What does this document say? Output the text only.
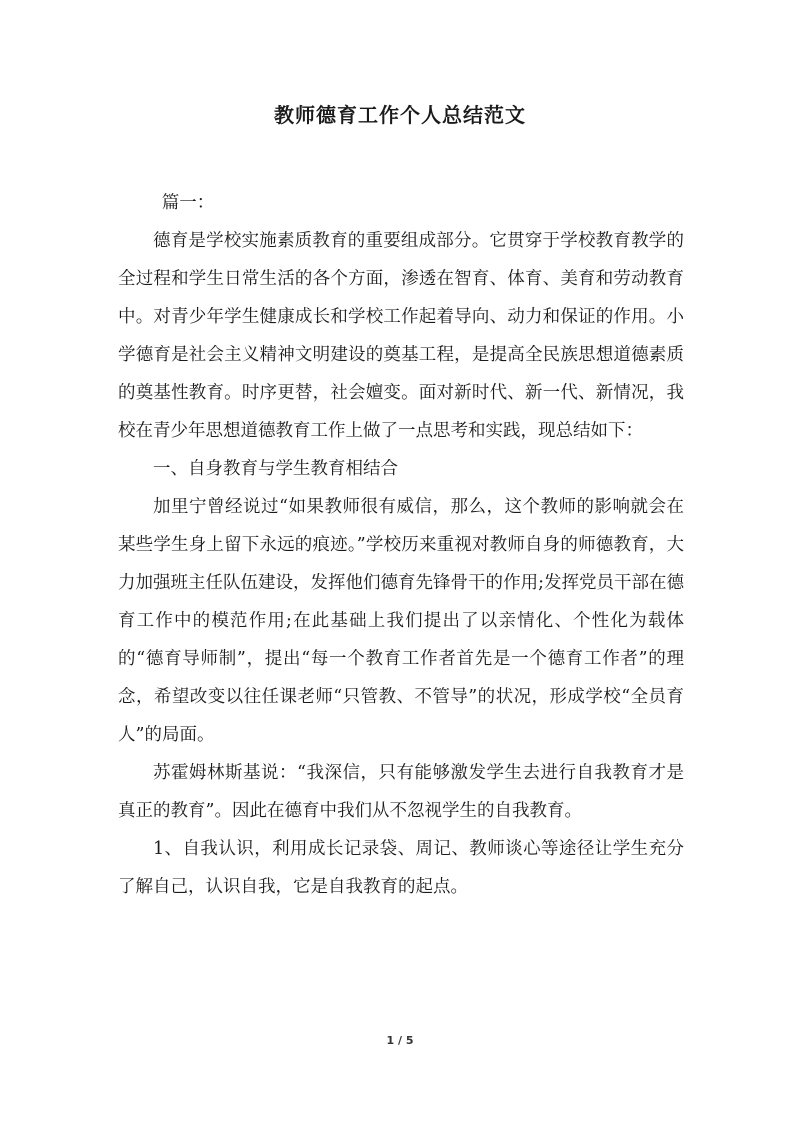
教师德育工作个人总结范文

篇一：

德育是学校实施素质教育的重要组成部分。它贯穿于学校教育教学的全过程和学生日常生活的各个方面，渗透在智育、体育、美育和劳动教育中。对青少年学生健康成长和学校工作起着导向、动力和保证的作用。小学德育是社会主义精神文明建设的奠基工程，是提高全民族思想道德素质的奠基性教育。时序更替，社会嬗变。面对新时代、新一代、新情况，我校在青少年思想道德教育工作上做了一点思考和实践，现总结如下：

一、自身教育与学生教育相结合

加里宁曾经说过“如果教师很有威信，那么，这个教师的影响就会在某些学生身上留下永远的痕迹。”学校历来重视对教师自身的师德教育，大力加强班主任队伍建设，发挥他们德育先锋骨干的作用;发挥党员干部在德育工作中的模范作用;在此基础上我们提出了以亲情化、个性化为载体的“德育导师制”，提出“每一个教育工作者首先是一个德育工作者”的理念，希望改变以往任课老师“只管教、不管导”的状况，形成学校“全员育人”的局面。

苏霍姆林斯基说：“我深信，只有能够激发学生去进行自我教育才是真正的教育”。因此在德育中我们从不忽视学生的自我教育。

1、自我认识，利用成长记录袋、周记、教师谈心等途径让学生充分了解自己，认识自我，它是自我教育的起点。

1 / 5
